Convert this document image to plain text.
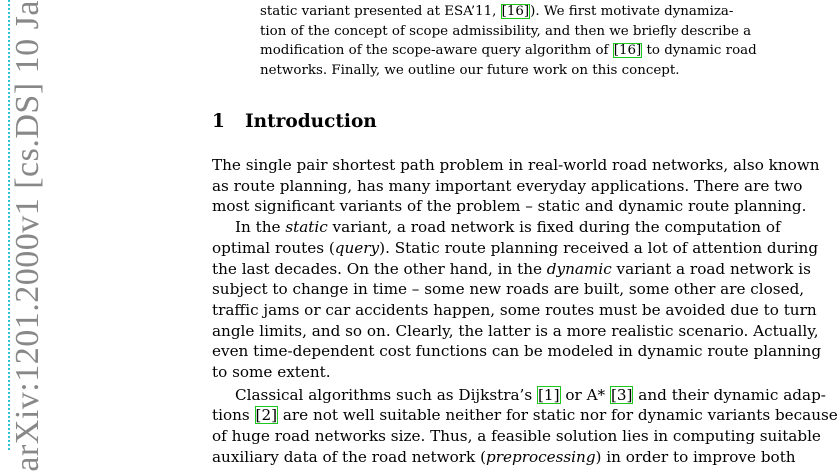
arXiv:1201.2000v1 [cs.DS] 10 Ja	static variant presented at ESA’11, [16]). We first motivate dynamiza-
tion of the concept of scope admissibility, and then we briefly describe a
modification of the scope-aware query algorithm of [16] to dynamic road
networks. Finally, we outline our future work on this concept.
1 Introduction
The single pair shortest path problem in real-world road networks, also known
as route planning, has many important everyday applications. There are two
most significant variants of the problem – static and dynamic route planning.
In the static variant, a road network is fixed during the computation of
optimal routes (query). Static route planning received a lot of attention during
the last decades. On the other hand, in the dynamic variant a road network is
subject to change in time – some new roads are built, some other are closed,
traffic jams or car accidents happen, some routes must be avoided due to turn
angle limits, and so on. Clearly, the latter is a more realistic scenario. Actually,
even time-dependent cost functions can be modeled in dynamic route planning
to some extent.
Classical algorithms such as Dijkstra’s [1] or A* [3] and their dynamic adap-
tions [2] are not well suitable neither for static nor for dynamic variants because
of huge road networks size. Thus, a feasible solution lies in computing suitable
auxiliary data of the road network (preprocessing) in order to improve both
